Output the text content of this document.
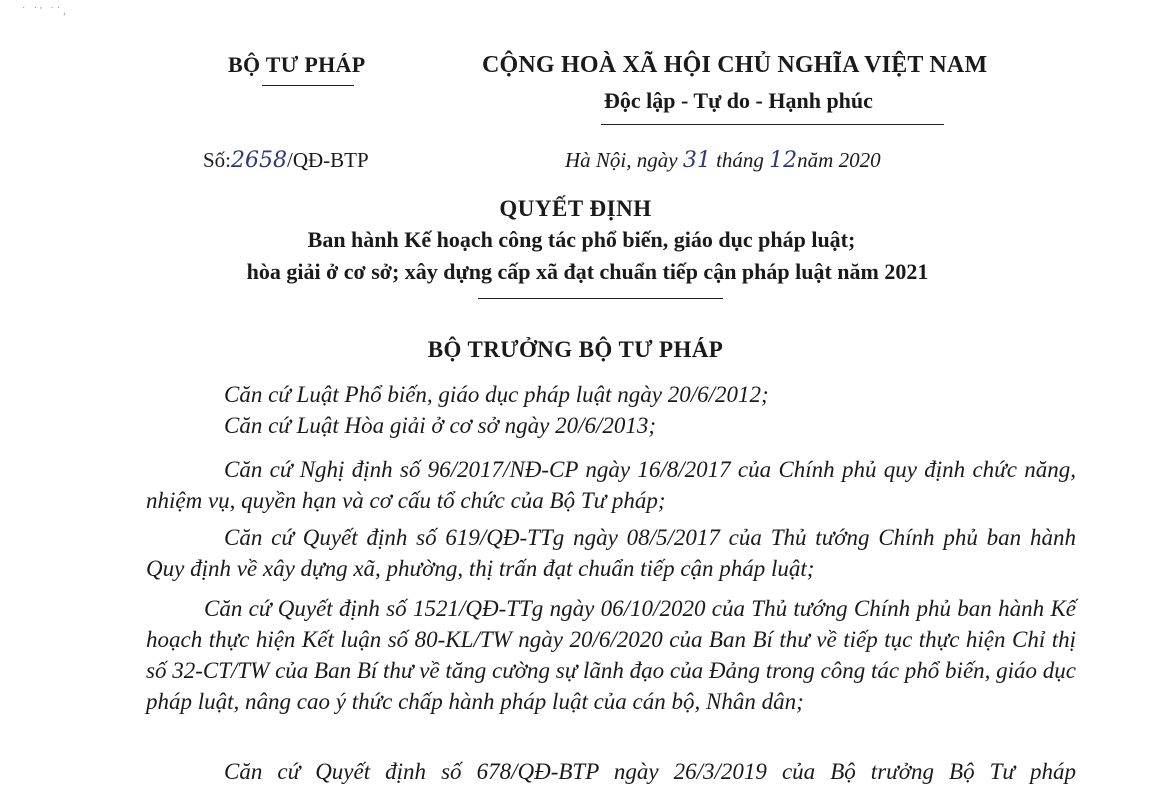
˙ ˙' ˙˙,
BỘ TƯ PHÁP	CỘNG HOÀ XÃ HỘI CHỦ NGHĨA VIỆT NAM
Độc lập - Tự do - Hạnh phúc
Số:2658/QĐ-BTP	Hà Nội, ngày 31 tháng 12năm 2020
QUYẾT ĐỊNH
Ban hành Kế hoạch công tác phổ biến, giáo dục pháp luật;
hòa giải ở cơ sở; xây dựng cấp xã đạt chuẩn tiếp cận pháp luật năm 2021
BỘ TRƯỞNG BỘ TƯ PHÁP

Căn cứ Luật Phổ biến, giáo dục pháp luật ngày 20/6/2012;

Căn cứ Luật Hòa giải ở cơ sở ngày 20/6/2013;

Căn cứ Nghị định số 96/2017/NĐ-CP ngày 16/8/2017 của Chính phủ quy định chức năng, nhiệm vụ, quyền hạn và cơ cấu tổ chức của Bộ Tư pháp;

Căn cứ Quyết định số 619/QĐ-TTg ngày 08/5/2017 của Thủ tướng Chính phủ ban hành Quy định về xây dựng xã, phường, thị trấn đạt chuẩn tiếp cận pháp luật;

Căn cứ Quyết định số 1521/QĐ-TTg ngày 06/10/2020 của Thủ tướng Chính phủ ban hành Kế hoạch thực hiện Kết luận số 80-KL/TW ngày 20/6/2020 của Ban Bí thư về tiếp tục thực hiện Chỉ thị số 32-CT/TW của Ban Bí thư về tăng cường sự lãnh đạo của Đảng trong công tác phổ biến, giáo dục pháp luật, nâng cao ý thức chấp hành pháp luật của cán bộ, Nhân dân;

Căn cứ Quyết định số 678/QĐ-BTP ngày 26/3/2019 của Bộ trưởng Bộ Tư pháp
